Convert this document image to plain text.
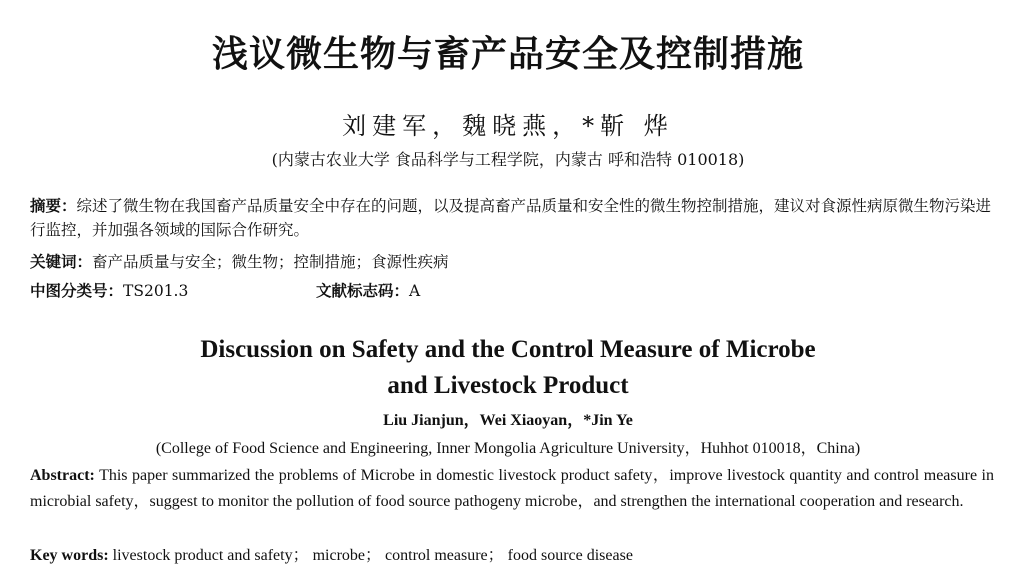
浅议微生物与畜产品安全及控制措施
刘建军，魏晓燕，*靳 烨
(内蒙古农业大学 食品科学与工程学院，内蒙古 呼和浩特 010018)
摘要：综述了微生物在我国畜产品质量安全中存在的问题，以及提高畜产品质量和安全性的微生物控制措施，建议对食源性病原微生物污染进行监控，并加强各领域的国际合作研究。
关键词：畜产品质量与安全；微生物；控制措施；食源性疾病
中图分类号：TS201.3	文献标志码：A
Discussion on Safety and the Control Measure of Microbe
and Livestock Product
Liu Jianjun，Wei Xiaoyan，*Jin Ye
(College of Food Science and Engineering, Inner Mongolia Agriculture University，Huhhot 010018，China)
Abstract: This paper summarized the problems of Microbe in domestic livestock product safety，improve livestock quantity and control measure in microbial safety，suggest to monitor the pollution of food source pathogeny microbe，and strengthen the international cooperation and research.
Key words: livestock product and safety； microbe； control measure； food source disease
